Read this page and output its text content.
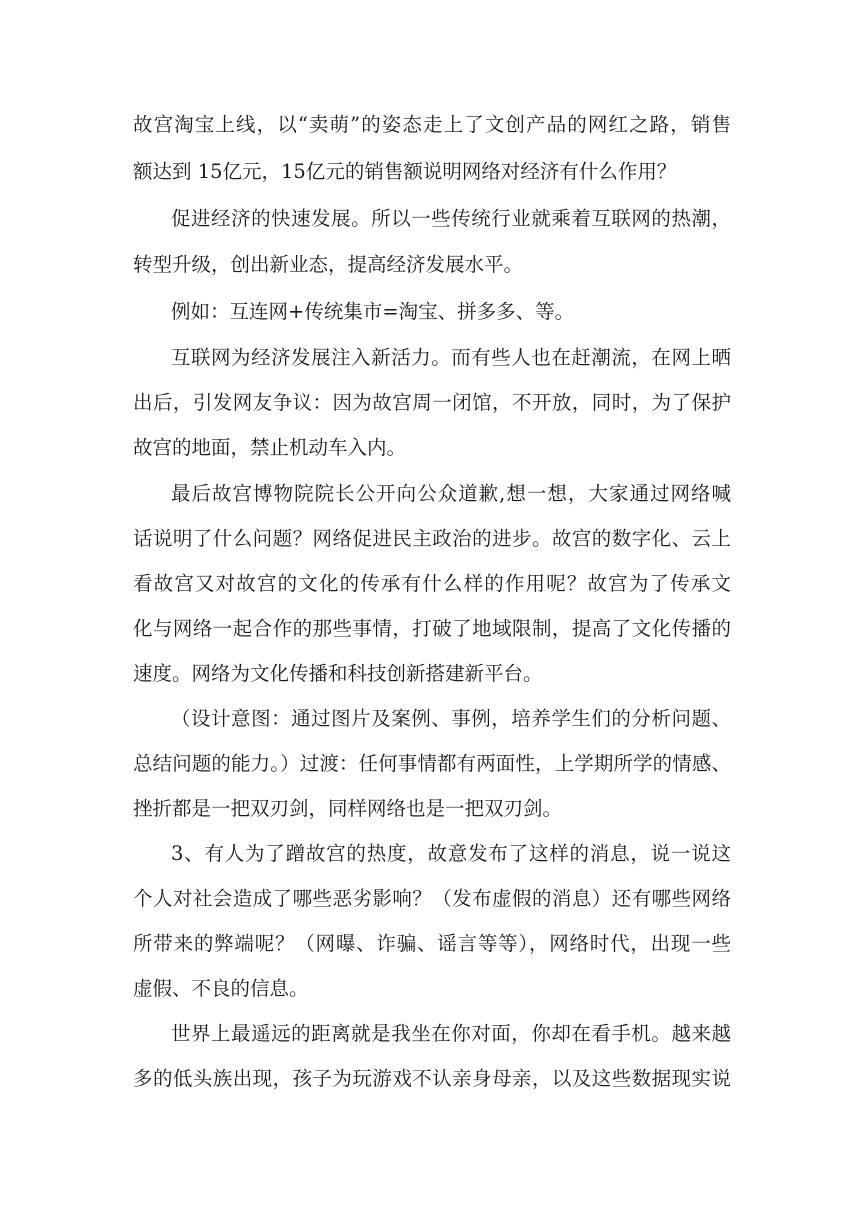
故宫淘宝上线，以“卖萌”的姿态走上了文创产品的网红之路，销售

额达到 15亿元，15亿元的销售额说明网络对经济有什么作用？

促进经济的快速发展。所以一些传统行业就乘着互联网的热潮，

转型升级，创出新业态，提高经济发展水平。

例如：互连网+传统集市=淘宝、拼多多、等。

互联网为经济发展注入新活力。而有些人也在赶潮流，在网上晒

出后，引发网友争议：因为故宫周一闭馆，不开放，同时，为了保护

故宫的地面，禁止机动车入内。

最后故宫博物院院长公开向公众道歉,想一想，大家通过网络喊

话说明了什么问题？网络促进民主政治的进步。故宫的数字化、云上

看故宫又对故宫的文化的传承有什么样的作用呢？故宫为了传承文

化与网络一起合作的那些事情，打破了地域限制，提高了文化传播的

速度。网络为文化传播和科技创新搭建新平台。

（设计意图：通过图片及案例、事例，培养学生们的分析问题、

总结问题的能力。）过渡：任何事情都有两面性，上学期所学的情感、

挫折都是一把双刃剑，同样网络也是一把双刃剑。

3、有人为了蹭故宫的热度，故意发布了这样的消息，说一说这

个人对社会造成了哪些恶劣影响？（发布虚假的消息）还有哪些网络

所带来的弊端呢？（网曝、诈骗、谣言等等），网络时代，出现一些

虚假、不良的信息。

世界上最遥远的距离就是我坐在你对面，你却在看手机。越来越

多的低头族出现，孩子为玩游戏不认亲身母亲，以及这些数据现实说
